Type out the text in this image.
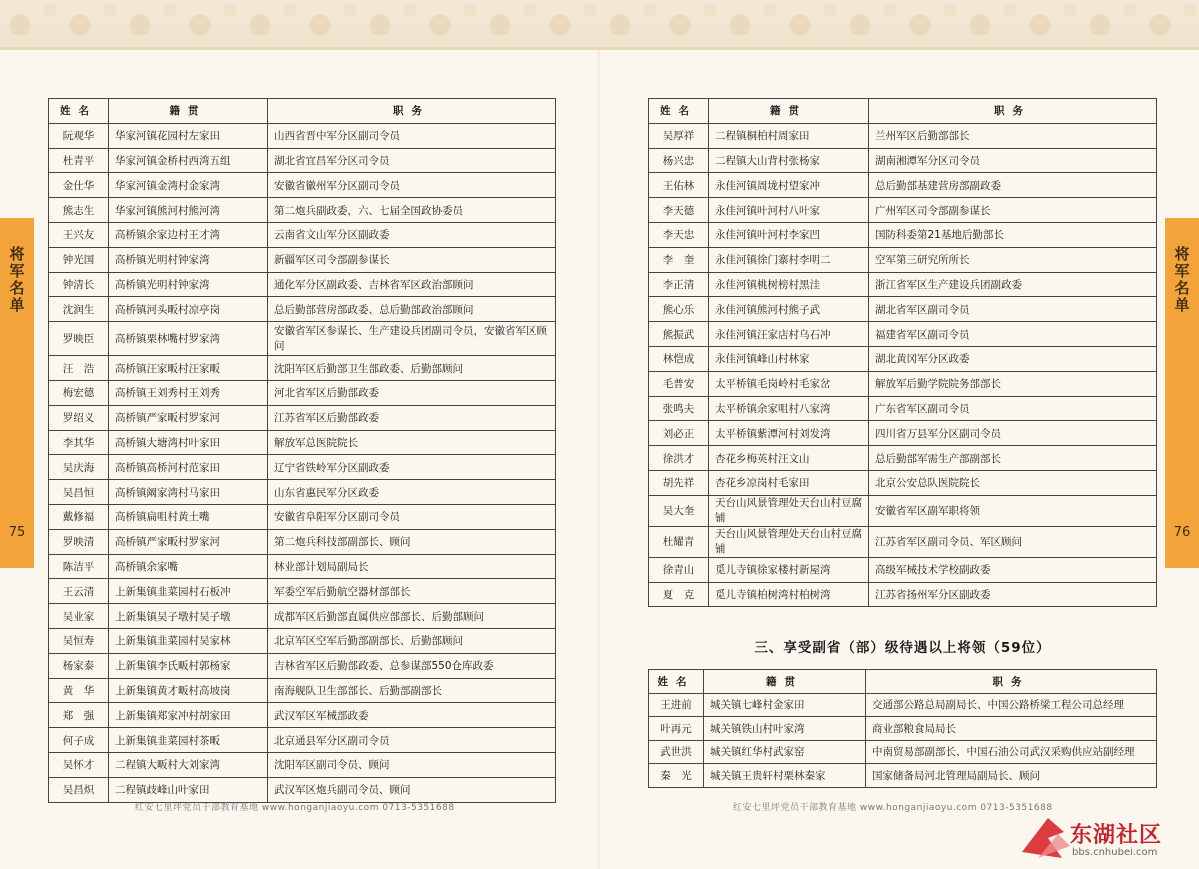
将军名单
75
将军名单
76
姓名	籍贯	职务
阮观华	华家河镇花园村左家田	山西省晋中军分区副司令员
杜青平	华家河镇金桥村西湾五组	湖北省宜昌军分区司令员
金仕华	华家河镇金湾村金家湾	安徽省徽州军分区副司令员
熊志生	华家河镇熊河村熊河湾	第二炮兵副政委，六、七届全国政协委员
王兴友	高桥镇余家边村王才湾	云南省文山军分区副政委
钟光国	高桥镇光明村钟家湾	新疆军区司令部副参谋长
钟清长	高桥镇光明村钟家湾	通化军分区副政委、吉林省军区政治部顾问
沈润生	高桥镇河头畈村凉亭岗	总后勤部营房部政委、总后勤部政治部顾问
罗映臣	高桥镇栗林嘴村罗家湾	安徽省军区参谋长、生产建设兵团副司令员，安徽省军区顾问
汪　浩	高桥镇汪家畈村汪家畈	沈阳军区后勤部卫生部政委、后勤部顾问
梅宏德	高桥镇王刘秀村王刘秀	河北省军区后勤部政委
罗绍义	高桥镇严家畈村罗家河	江苏省军区后勤部政委
李其华	高桥镇大塘湾村叶家田	解放军总医院院长
吴庆海	高桥镇高桥河村范家田	辽宁省铁岭军分区副政委
吴昌恒	高桥镇阚家湾村马家田	山东省惠民军分区政委
戴修福	高桥镇扁咀村黄土嘴	安徽省阜阳军分区副司令员
罗映清	高桥镇严家畈村罗家河	第二炮兵科技部副部长、顾问
陈洁平	高桥镇余家嘴	林业部计划局副局长
王云清	上新集镇韭菜园村石板冲	军委空军后勤航空器材部部长
吴业家	上新集镇吴子墩村吴子墩	成都军区后勤部直属供应部部长、后勤部顾问
吴恒寿	上新集镇韭菜园村吴家林	北京军区空军后勤部副部长、后勤部顾问
杨家泰	上新集镇李氏畈村郭杨家	吉林省军区后勤部政委、总参谋部550仓库政委
黄　华	上新集镇黄才畈村高坡岗	南海舰队卫生部部长、后勤部副部长
郑　强	上新集镇郑家冲村胡家田	武汉军区军械部政委
何子成	上新集镇韭菜园村茶畈	北京通县军分区副司令员
吴怀才	二程镇大畈村大刘家湾	沈阳军区副司令员、顾问
吴昌炽	二程镇歧峰山叶家田	武汉军区炮兵副司令员、顾问
姓名	籍贯	职务
吴厚祥	二程镇桐柏村周家田	兰州军区后勤部部长
杨兴忠	二程镇大山背村张杨家	湖南湘潭军分区司令员
王佑林	永佳河镇周垅村望家冲	总后勤部基建营房部副政委
李天德	永佳河镇叶河村八叶家	广州军区司令部副参谋长
李天忠	永佳河镇叶河村李家凹	国防科委第21基地后勤部长
李　奎	永佳河镇徐门寨村李明二	空军第三研究所所长
李正清	永佳河镇桃树榜村黑洼	浙江省军区生产建设兵团副政委
熊心乐	永佳河镇熊河村熊子武	湖北省军区副司令员
熊振武	永佳河镇汪家店村乌石冲	福建省军区副司令员
林恺成	永佳河镇峰山村林家	湖北黄冈军分区政委
毛普安	太平桥镇毛岗岭村毛家岔	解放军后勤学院院务部部长
张鸣夫	太平桥镇余家咀村八家湾	广东省军区副司令员
刘必正	太平桥镇紫潭河村刘发湾	四川省万县军分区副司令员
徐洪才	杏花乡梅英村汪文山	总后勤部军需生产部副部长
胡先祥	杏花乡凉岗村毛家田	北京公安总队医院院长
吴大奎	天台山风景管理处天台山村豆腐铺	安徽省军区副军职将领
杜耀青	天台山风景管理处天台山村豆腐铺	江苏省军区副司令员、军区顾问
徐青山	觅儿寺镇徐家楼村新屋湾	高级军械技术学校副政委
夏　克	觅儿寺镇柏树湾村柏树湾	江苏省扬州军分区副政委
三、享受副省（部）级待遇以上将领（59位）
姓名	籍贯	职务
王进前	城关镇七峰村金家田	交通部公路总局副局长、中国公路桥梁工程公司总经理
叶再元	城关镇铁山村叶家湾	商业部粮食局局长
武世洪	城关镇红华村武家窑	中南贸易部副部长、中国石油公司武汉采购供应站副经理
秦　光	城关镇王贵轩村栗林秦家	国家储备局河北管理局副局长、顾问
红安七里坪党员干部教育基地 www.honganjiaoyu.com 0713-5351688	红安七里坪党员干部教育基地 www.honganjiaoyu.com 0713-5351688
东湖社区
bbs.cnhubei.com
